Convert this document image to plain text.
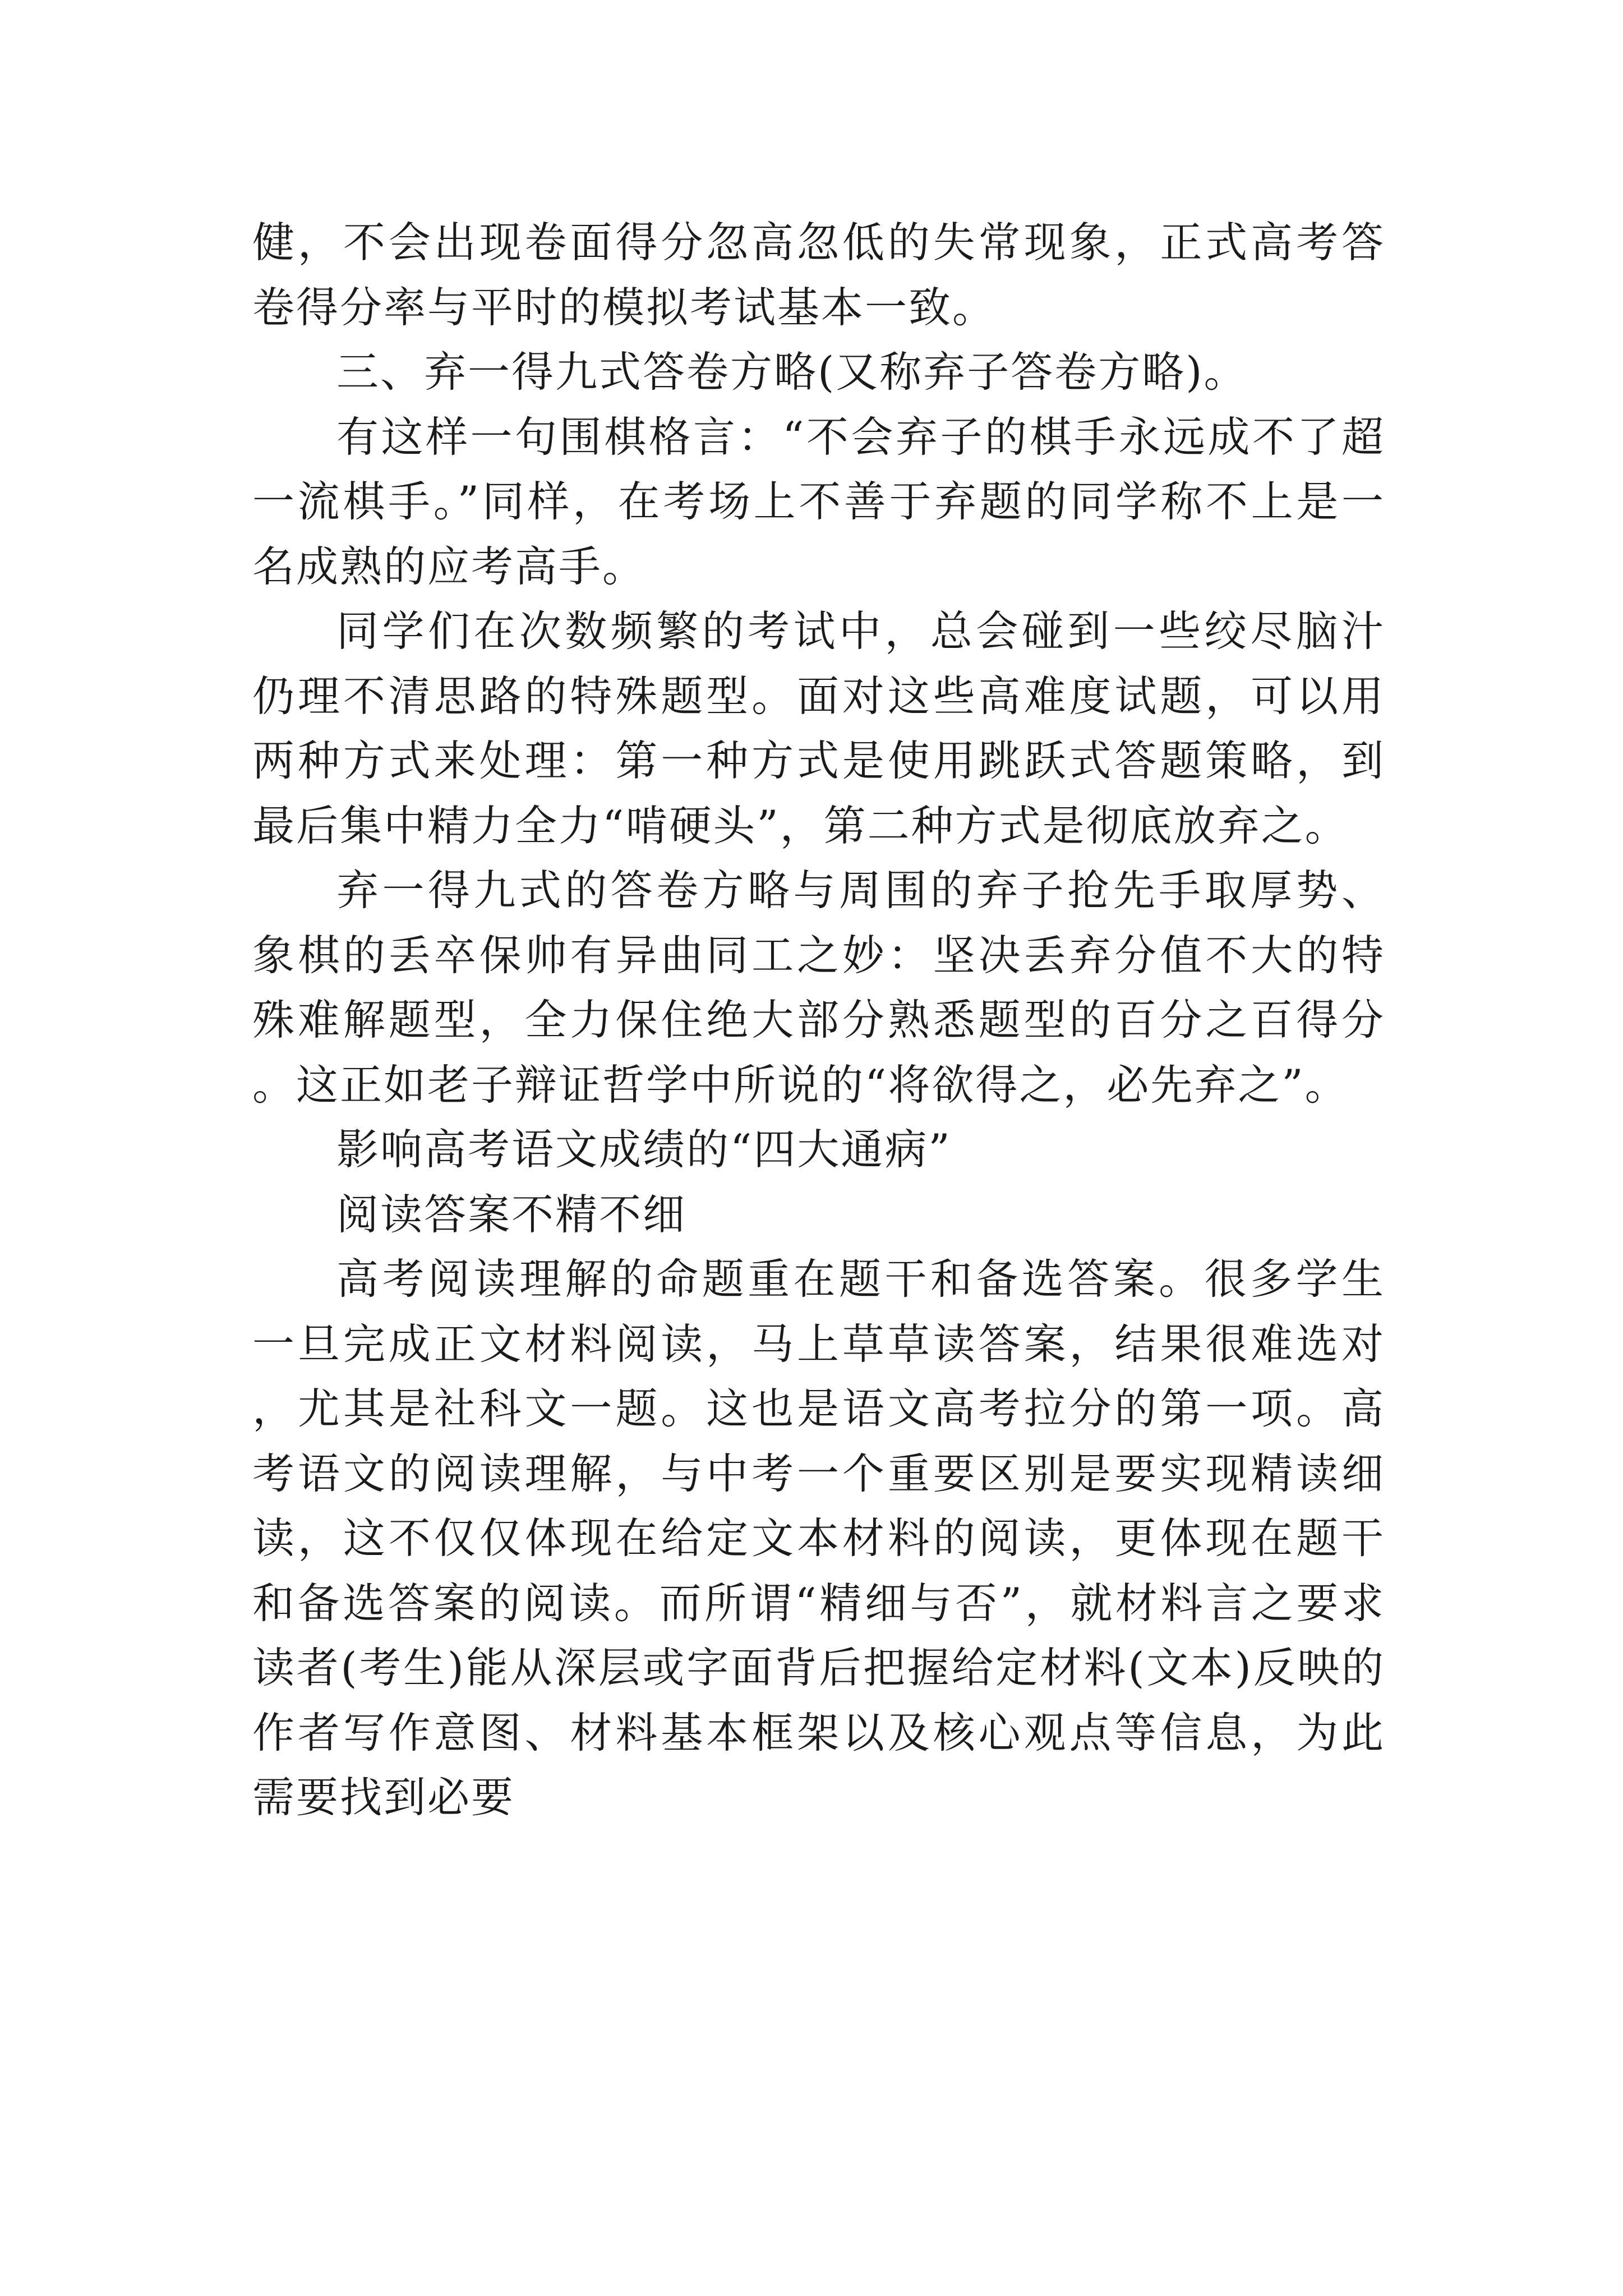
健，不会出现卷面得分忽高忽低的失常现象，正式高考答卷得分率与平时的模拟考试基本一致。

三、弃一得九式答卷方略(又称弃子答卷方略)。

有这样一句围棋格言：“不会弃子的棋手永远成不了超一流棋手。”同样，在考场上不善于弃题的同学称不上是一名成熟的应考高手。

同学们在次数频繁的考试中，总会碰到一些绞尽脑汁仍理不清思路的特殊题型。面对这些高难度试题，可以用两种方式来处理：第一种方式是使用跳跃式答题策略，到最后集中精力全力“啃硬头”，第二种方式是彻底放弃之。

弃一得九式的答卷方略与周围的弃子抢先手取厚势、象棋的丢卒保帅有异曲同工之妙：坚决丢弃分值不大的特殊难解题型，全力保住绝大部分熟悉题型的百分之百得分。这正如老子辩证哲学中所说的“将欲得之，必先弃之”。

影响高考语文成绩的“四大通病”

阅读答案不精不细

高考阅读理解的命题重在题干和备选答案。很多学生一旦完成正文材料阅读，马上草草读答案，结果很难选对，尤其是社科文一题。这也是语文高考拉分的第一项。高考语文的阅读理解，与中考一个重要区别是要实现精读细读，这不仅仅体现在给定文本材料的阅读，更体现在题干和备选答案的阅读。而所谓“精细与否”，就材料言之要求读者(考生)能从深层或字面背后把握给定材料(文本)反映的作者写作意图、材料基本框架以及核心观点等信息，为此需要找到必要
